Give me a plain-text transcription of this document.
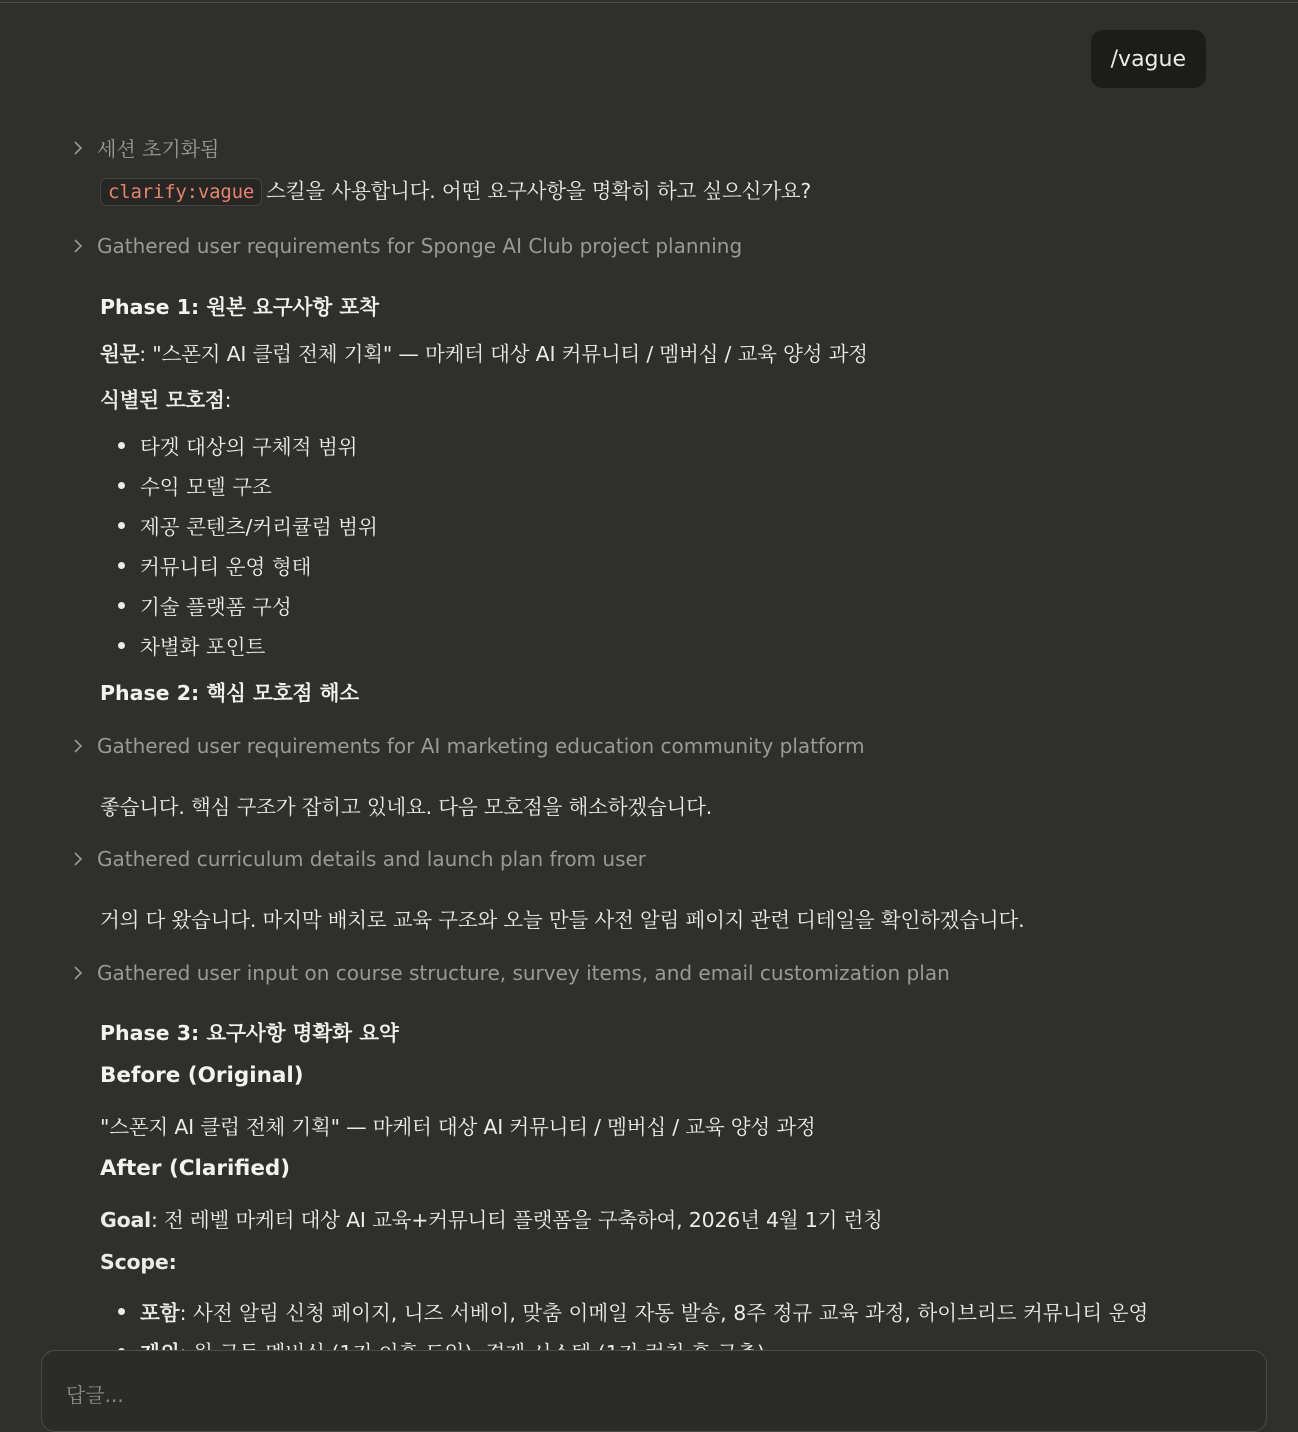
/vague
세션 초기화됨
clarify:vague 스킬을 사용합니다. 어떤 요구사항을 명확히 하고 싶으신가요?
Gathered user requirements for Sponge AI Club project planning
Phase 1: 원본 요구사항 포착
원문: "스폰지 AI 클럽 전체 기획" — 마케터 대상 AI 커뮤니티 / 멤버십 / 교육 양성 과정
식별된 모호점:
타겟 대상의 구체적 범위
수익 모델 구조
제공 콘텐츠/커리큘럼 범위
커뮤니티 운영 형태
기술 플랫폼 구성
차별화 포인트
Phase 2: 핵심 모호점 해소
Gathered user requirements for AI marketing education community platform
좋습니다. 핵심 구조가 잡히고 있네요. 다음 모호점을 해소하겠습니다.
Gathered curriculum details and launch plan from user
거의 다 왔습니다. 마지막 배치로 교육 구조와 오늘 만들 사전 알림 페이지 관련 디테일을 확인하겠습니다.
Gathered user input on course structure, survey items, and email customization plan
Phase 3: 요구사항 명확화 요약
Before (Original)
"스폰지 AI 클럽 전체 기획" — 마케터 대상 AI 커뮤니티 / 멤버십 / 교육 양성 과정
After (Clarified)
Goal: 전 레벨 마케터 대상 AI 교육+커뮤니티 플랫폼을 구축하여, 2026년 4월 1기 런칭
Scope:
포함 : 사전 알림 신청 페이지, 니즈 서베이, 맞춤 이메일 자동 발송, 8주 정규 교육 과정, 하이브리드 커뮤니티 운영
답글...
